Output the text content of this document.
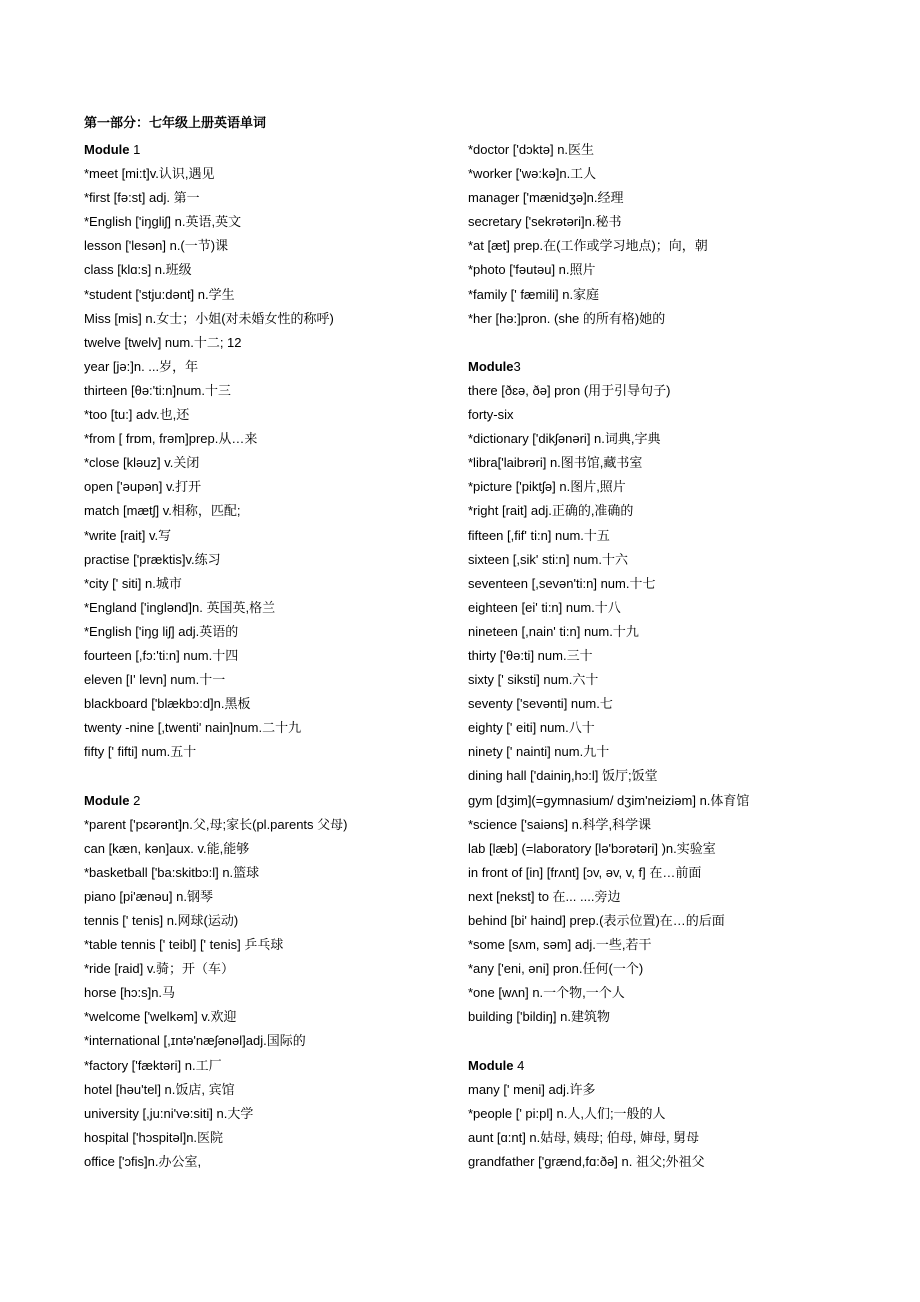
第一部分：七年级上册英语单词
Module 1
*meet [mi:t]v.认识,遇见
*first [fə:st] adj. 第一
*English ['iŋgliʃ] n.英语,英文
lesson ['lesən] n.(一节)课
class [klɑ:s] n.班级
*student ['stju:dənt] n.学生
Miss [mis] n.女士；小姐(对未婚女性的称呼)
twelve [twelv] num.十二; 12
year [jə:]n. ...岁，年
thirteen [θə:'ti:n]num.十三
*too [tu:] adv.也,还
*from [ frɒm, frəm]prep.从…来
*close [kləuz] v.关闭
open ['əupən] v.打开
match [mætʃ] v.相称，匹配;
*write [rait] v.写
practise ['præktis]v.练习
*city [' siti] n.城市
*England ['inglənd]n. 英国英,格兰
*English ['iŋg liʃ] adj.英语的
fourteen [,fɔ:'ti:n] num.十四
eleven [I' levn] num.十一
blackboard ['blækbɔ:d]n.黑板
twenty -nine [,twenti' nain]num.二十九
fifty [' fifti] num.五十
Module 2
*parent ['pɛərənt]n.父,母;家长(pl.parents 父母)
can [kæn, kən]aux. v.能,能够
*basketball ['ba:skitbɔ:l] n.篮球
piano [pi'ænəu] n.钢琴
tennis [' tenis] n.网球(运动)
*table tennis [' teibl] [' tenis] 乒乓球
*ride [raid] v.骑；开（车）
horse [hɔ:s]n.马
*welcome ['welkəm] v.欢迎
*international [,ɪntə'næʃənəl]adj.国际的
*factory ['fæktəri] n.工厂
hotel [həu'tel] n.饭店, 宾馆
university [,ju:ni'və:siti] n.大学
hospital ['hɔspitəl]n.医院
office ['ɔfis]n.办公室,
*doctor ['dɔktə] n.医生
*worker ['wə:kə]n.工人
manager ['mænidʒə]n.经理
secretary ['sekrətəri]n.秘书
*at [æt] prep.在(工作或学习地点)；向，朝
*photo ['fəutəu] n.照片
*family [' fæmili] n.家庭
*her [hə:]pron. (she 的所有格)她的
Module3
there [ðɛə, ðə] pron (用于引导句子)
forty-six
*dictionary ['dikʃənəri] n.词典,字典
*libra['laibrəri] n.图书馆,藏书室
*picture ['piktʃə] n.图片,照片
*right [rait] adj.正确的,准确的
fifteen [,fif' ti:n] num.十五
sixteen [,sik' sti:n] num.十六
seventeen [,sevən'ti:n] num.十七
eighteen [ei' ti:n] num.十八
nineteen [,nain' ti:n] num.十九
thirty ['θə:ti] num.三十
sixty [' siksti] num.六十
seventy ['sevənti] num.七
eighty [' eiti] num.八十
ninety [' nainti] num.九十
dining hall ['dainiŋ,hɔ:l] 饭厅;饭堂
gym [dʒim](=gymnasium/ dʒim'neiziəm] n.体育馆
*science ['saiəns] n.科学,科学课
lab [læb] (=laboratory [lə'bɔrətəri] )n.实验室
in front of [in] [frʌnt] [ɔv, əv, v, f] 在…前面
next [nekst] to 在... ....旁边
behind [bi' haind] prep.(表示位置)在…的后面
*some [sʌm, səm] adj.一些,若干
*any ['eni, əni] pron.任何(一个)
*one [wʌn] n.一个物,一个人
building ['bildiŋ] n.建筑物
Module 4
many [' meni] adj.许多
*people [' pi:pl] n.人,人们;一般的人
aunt [ɑ:nt] n.姑母, 姨母; 伯母, 婶母, 舅母
grandfather ['grænd,fɑ:ðə] n. 祖父;外祖父
